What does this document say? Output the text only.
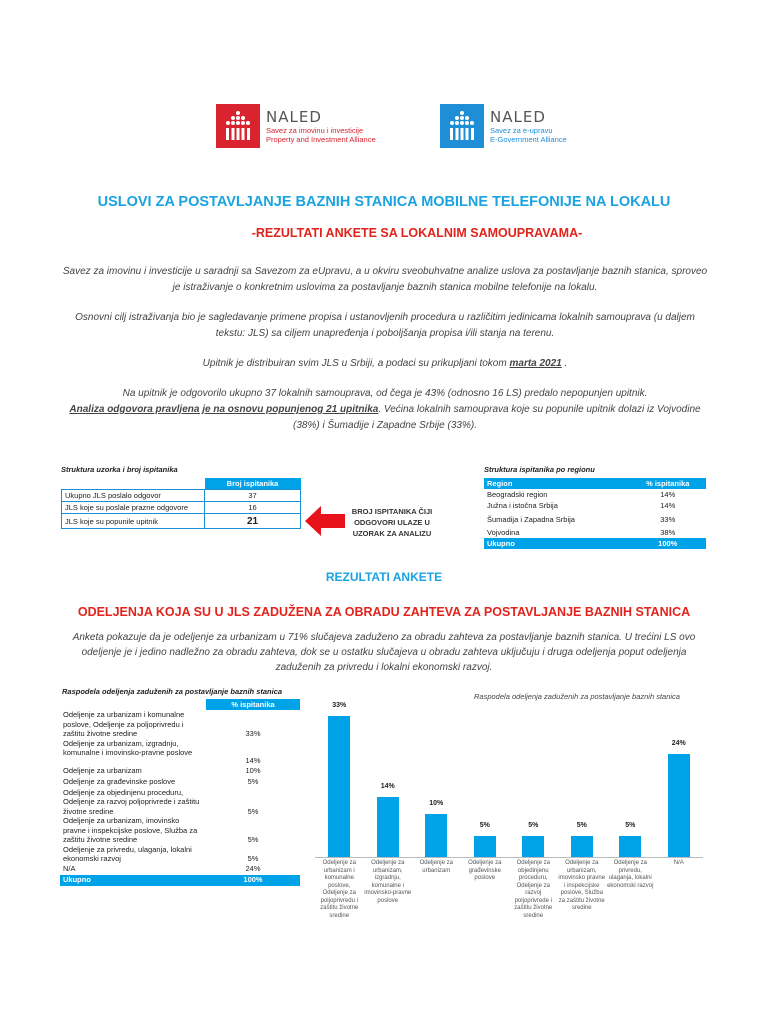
NALED
Savez za imovinu i investicije
Property and Investment Alliance
NALED
Savez za e-upravu
E-Government Alliance
USLOVI ZA POSTAVLJANJE BAZNIH STANICA MOBILNE TELEFONIJE NA LOKALU
-REZULTATI ANKETE SA LOKALNIM SAMOUPRAVAMA-
Savez za imovinu i investicije u saradnji sa Savezom za eUpravu, a u okviru sveobuhvatne analize uslova za postavljanje baznih stanica, sproveo je istraživanje o konkretnim uslovima za postavljanje baznih stanica mobilne telefonije na lokalu.
Osnovni cilj istraživanja bio je sagledavanje primene propisa i ustanovljenih procedura u različitim jedinicama lokalnih samouprava (u daljem tekstu: JLS) sa ciljem unapređenja i poboljšanja propisa i/ili stanja na terenu.
Upitnik je distribuiran svim JLS u Srbiji, a podaci su prikupljani tokom marta 2021 .
Na upitnik je odgovorilo ukupno 37 lokalnih samouprava, od čega je 43% (odnosno 16 LS) predalo nepopunjen upitnik.
Analiza odgovora pravljena je na osnovu popunjenog 21 upitnika. Većina lokalnih samouprava koje su popunile upitnik dolazi iz Vojvodine (38%) i Šumadije i Zapadne Srbije (33%).
Struktura uzorka i broj ispitanika
	Broj ispitanika
Ukupno JLS poslalo odgovor	37
JLS koje su poslale prazne odgovore	16
JLS koje su popunile upitnik	21
BROJ ISPITANIKA ČIJI ODGOVORI ULAZE U UZORAK ZA ANALIZU
Struktura ispitanika po regionu
Region	% ispitanika
Beogradski region	14%
Južna i istočna Srbija	14%
Šumadija i Zapadna Srbija	33%
Vojvodina	38%
Ukupno	100%
REZULTATI ANKETE
ODELJENJA KOJA SU U JLS ZADUŽENA ZA OBRADU ZAHTEVA ZA POSTAVLJANJE BAZNIH STANICA
Anketa pokazuje da je odeljenje za urbanizam u 71% slučajeva zaduženo za obradu zahteva za postavljanje baznih stanica. U trećini LS ovo odeljenje je i jedino nadležno za obradu zahteva, dok se u ostatku slučajeva u obradu zahteva uključuju i druga odeljenja poput odeljenja zaduženih za privredu i lokalni ekonomski razvoj.
Raspodela odeljenja zaduženih za postavljanje baznih stanica
	% ispitanika
Odeljenje za urbanizam i komunalne poslove, Odeljenje za poljoprivredu i zaštitu životne sredine	33%
Odeljenje za urbanizam, izgradnju, komunalne i imovinsko-pravne poslove	14%
Odeljenje za urbanizam	10%
Odeljenje za građevinske poslove	5%
Odeljenje za objedinjenu proceduru, Odeljenje za razvoj poljoprivrede i zaštitu životne sredine	5%
Odeljenje za urbanizam, imovinsko pravne i inspekcijske poslove, Služba za zaštitu životne sredine	5%
Odeljenje za privredu, ulaganja, lokalni ekonomski razvoj	5%
N/A	24%
Ukupno	100%
Raspodela odeljenja zaduženih za postavljanje baznih stanica
33%
Odeljenje za urbanizam i komunalne poslove, Odeljenje za poljoprivredu i zaštitu životne sredine
14%
Odeljenje za urbanizam, izgradnju, komunalne i imovinsko-pravne poslove
10%
Odeljenje za urbanizam
5%
Odeljenje za građevinske poslove
5%
Odeljenje za objedinjenu proceduru, Odeljenje za razvoj poljoprivrede i zaštitu životne sredine
5%
Odeljenje za urbanizam, imovinsko pravne i inspekcijske poslove, Služba za zaštitu životne sredine
5%
Odeljenje za privredu, ulaganja, lokalni ekonomski razvoj
24%
N/A
